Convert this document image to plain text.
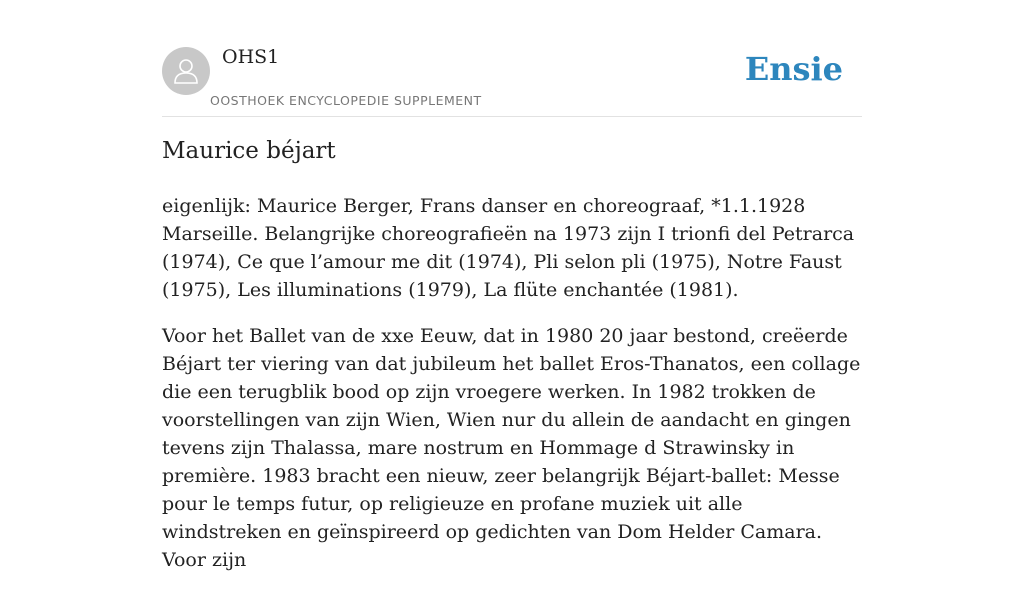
OHS1
OOSTHOEK ENCYCLOPEDIE SUPPLEMENT
Ensie
Maurice béjart

eigenlijk: Maurice Berger, Frans danser en choreograaf, *1.1.1928 Marseille. Belangrijke choreografieën na 1973 zijn I trionfi del Petrarca (1974), Ce que l’amour me dit (1974), Pli selon pli (1975), Notre Faust (1975), Les illuminations (1979), La flüte enchantée (1981).

Voor het Ballet van de xxe Eeuw, dat in 1980 20 jaar bestond, creëerde Béjart ter viering van dat jubileum het ballet Eros-Thanatos, een collage die een terugblik bood op zijn vroegere werken. In 1982 trokken de voorstellingen van zijn Wien, Wien nur du allein de aandacht en gingen tevens zijn Thalassa, mare nostrum en Hommage d Strawinsky in première. 1983 bracht een nieuw, zeer belangrijk Béjart-ballet: Messe pour le temps futur, op religieuze en profane muziek uit alle windstreken en geïnspireerd op gedichten van Dom Helder Camara. Voor zijn
